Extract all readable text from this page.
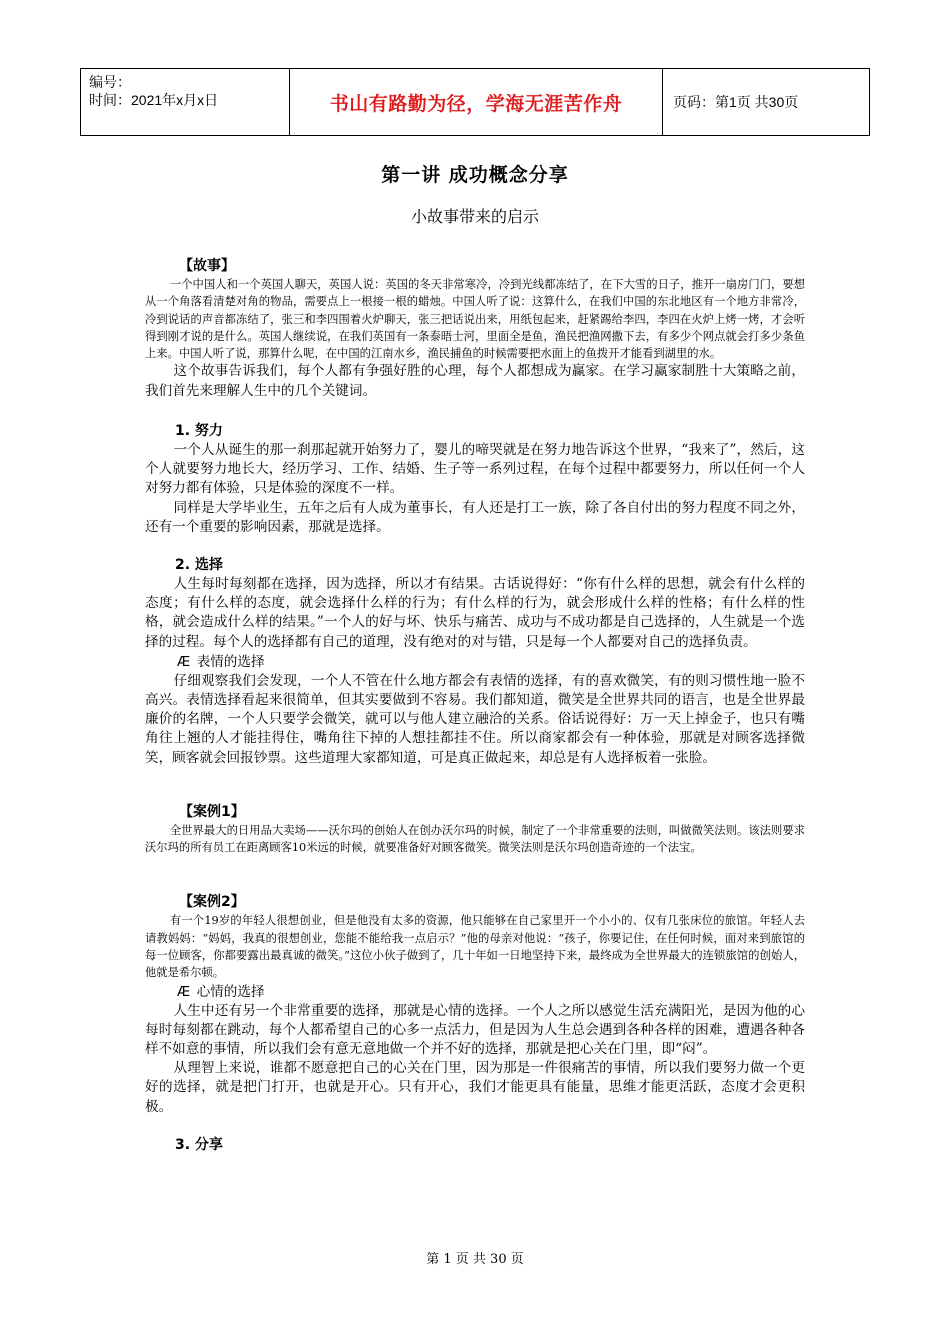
编号：
时间：2021年x月x日	书山有路勤为径，学海无涯苦作舟	页码：第1页 共30页
第一讲 成功概念分享
小故事带来的启示
【故事】

一个中国人和一个英国人聊天，英国人说：英国的冬天非常寒冷，冷到光线都冻结了，在下大雪的日子，推开一扇房门门，要想从一个角落看清楚对角的物品，需要点上一根接一根的蜡烛。中国人听了说：这算什么，在我们中国的东北地区有一个地方非常冷，冷到说话的声音都冻结了，张三和李四围着火炉聊天，张三把话说出来，用纸包起来，赶紧踢给李四，李四在火炉上烤一烤，才会听得到刚才说的是什么。英国人继续说，在我们英国有一条泰晤士河，里面全是鱼，渔民把渔网撒下去，有多少个网点就会打多少条鱼上来。中国人听了说，那算什么呢，在中国的江南水乡，渔民捕鱼的时候需要把水面上的鱼拨开才能看到湖里的水。

这个故事告诉我们，每个人都有争强好胜的心理，每个人都想成为赢家。在学习赢家制胜十大策略之前，我们首先来理解人生中的几个关键词。

1. 努力

一个人从诞生的那一刹那起就开始努力了，婴儿的啼哭就是在努力地告诉这个世界，“我来了”，然后，这个人就要努力地长大，经历学习、工作、结婚、生子等一系列过程，在每个过程中都要努力，所以任何一个人对努力都有体验，只是体验的深度不一样。

同样是大学毕业生，五年之后有人成为董事长，有人还是打工一族，除了各自付出的努力程度不同之外，还有一个重要的影响因素，那就是选择。

2. 选择

人生每时每刻都在选择，因为选择，所以才有结果。古话说得好：“你有什么样的思想，就会有什么样的态度；有什么样的态度，就会选择什么样的行为；有什么样的行为，就会形成什么样的性格；有什么样的性格，就会造成什么样的结果。”一个人的好与坏、快乐与痛苦、成功与不成功都是自己选择的，人生就是一个选择的过程。每个人的选择都有自己的道理，没有绝对的对与错，只是每一个人都要对自己的选择负责。

Æ 表情的选择

仔细观察我们会发现，一个人不管在什么地方都会有表情的选择，有的喜欢微笑，有的则习惯性地一脸不高兴。表情选择看起来很简单，但其实要做到不容易。我们都知道，微笑是全世界共同的语言，也是全世界最廉价的名牌，一个人只要学会微笑，就可以与他人建立融洽的关系。俗话说得好：万一天上掉金子，也只有嘴角往上翘的人才能挂得住，嘴角往下掉的人想挂都挂不住。所以商家都会有一种体验，那就是对顾客选择微笑，顾客就会回报钞票。这些道理大家都知道，可是真正做起来，却总是有人选择板着一张脸。

【案例1】

全世界最大的日用品大卖场——沃尔玛的创始人在创办沃尔玛的时候，制定了一个非常重要的法则，叫做微笑法则。该法则要求沃尔玛的所有员工在距离顾客10米远的时候，就要准备好对顾客微笑。微笑法则是沃尔玛创造奇迹的一个法宝。

【案例2】

有一个19岁的年轻人很想创业，但是他没有太多的资源，他只能够在自己家里开一个小小的、仅有几张床位的旅馆。年轻人去请教妈妈：“妈妈，我真的很想创业，您能不能给我一点启示？”他的母亲对他说：“孩子，你要记住，在任何时候，面对来到旅馆的每一位顾客，你都要露出最真诚的微笑。”这位小伙子做到了，几十年如一日地坚持下来，最终成为全世界最大的连锁旅馆的创始人，他就是希尔顿。

Æ 心情的选择

人生中还有另一个非常重要的选择，那就是心情的选择。一个人之所以感觉生活充满阳光，是因为他的心每时每刻都在跳动，每个人都希望自己的心多一点活力，但是因为人生总会遇到各种各样的困难，遭遇各种各样不如意的事情，所以我们会有意无意地做一个并不好的选择，那就是把心关在门里，即“闷”。

从理智上来说，谁都不愿意把自己的心关在门里，因为那是一件很痛苦的事情，所以我们要努力做一个更好的选择，就是把门打开，也就是开心。只有开心，我们才能更具有能量，思维才能更活跃，态度才会更积极。

3. 分享
第 1 页 共 30 页
